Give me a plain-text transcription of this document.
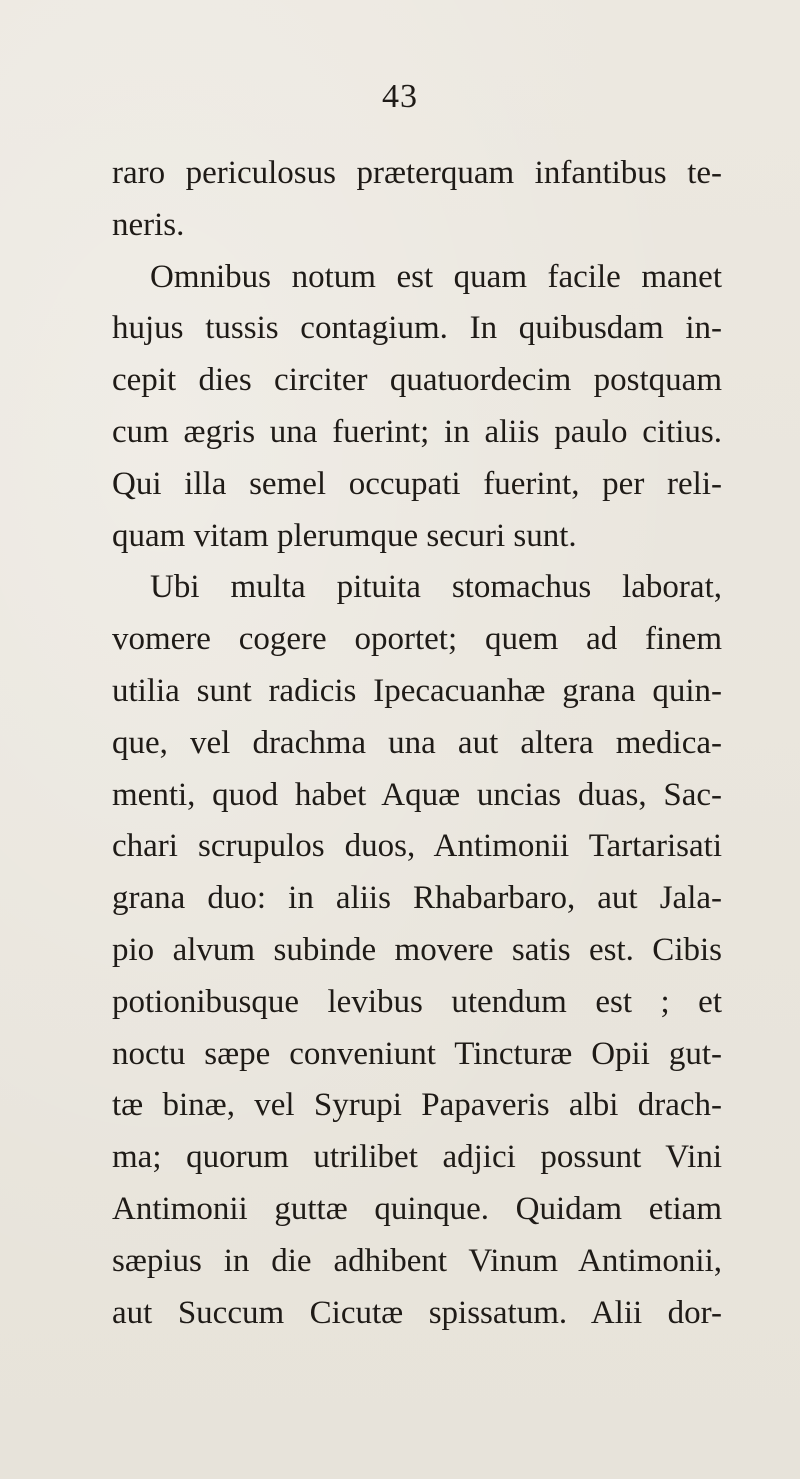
43
raro periculosus præterquam infantibus te-
neris.
Omnibus notum est quam facile manet
hujus tussis contagium. In quibusdam in-
cepit dies circiter quatuordecim postquam
cum ægris una fuerint; in aliis paulo citius.
Qui illa semel occupati fuerint, per reli-
quam vitam plerumque securi sunt.
Ubi multa pituita stomachus laborat,
vomere cogere oportet; quem ad finem
utilia sunt radicis Ipecacuanhæ grana quin-
que, vel drachma una aut altera medica-
menti, quod habet Aquæ uncias duas, Sac-
chari scrupulos duos, Antimonii Tartarisati
grana duo: in aliis Rhabarbaro, aut Jala-
pio alvum subinde movere satis est. Cibis
potionibusque levibus utendum est ; et
noctu sæpe conveniunt Tincturæ Opii gut-
tæ binæ, vel Syrupi Papaveris albi drach-
ma; quorum utrilibet adjici possunt Vini
Antimonii guttæ quinque. Quidam etiam
sæpius in die adhibent Vinum Antimonii,
aut Succum Cicutæ spissatum. Alii dor-
